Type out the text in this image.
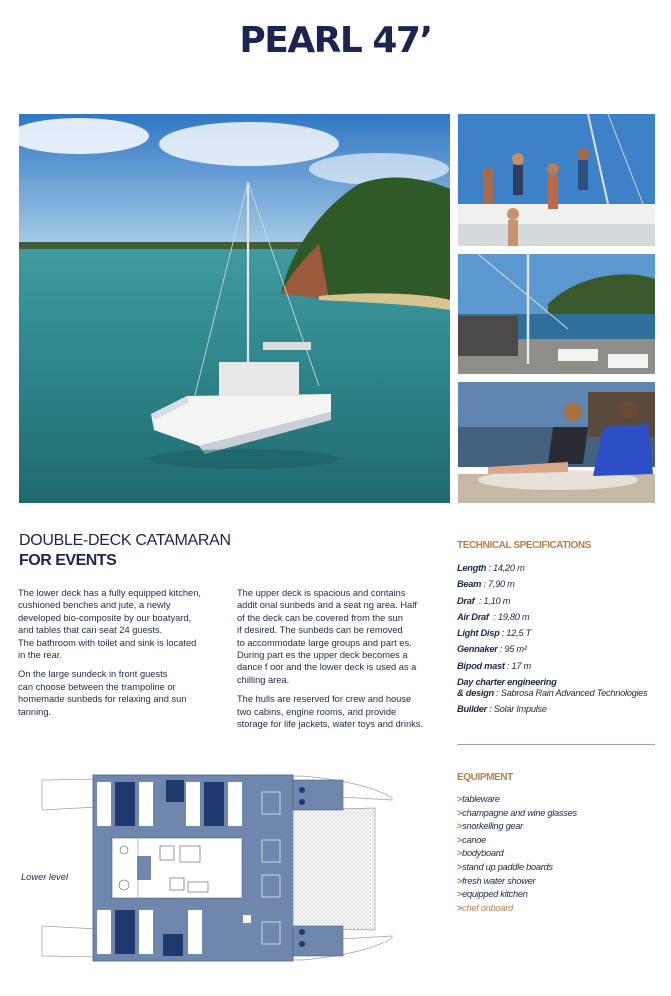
PEARL 47’
DOUBLE-DECK CATAMARAN
FOR EVENTS

The lower deck has a fully equipped kitchen,
cushioned benches and jute, a newly
developed bio-composite by our boatyard,
and tables that can seat 24 guests.
The bathroom with toilet and sink is located
in the rear.

On the large sundeck in front guests
can choose between the trampoline or
homemade sunbeds for relaxing and sun
tanning.

The upper deck is spacious and contains
addit onal sunbeds and a seat ng area. Half
of the deck can be covered from the sun
if desired. The sunbeds can be removed
to accommodate large groups and part es.
During part es the upper deck becomes a
dance f oor and the lower deck is used as a
chilling area.

The hulls are reserved for crew and house
two cabins, engine rooms, and provide
storage for life jackets, water toys and drinks.

TECHNICAL SPECIFICATIONS
Length : 14,20 m
Beam : 7,90 m
Draf  : 1,10 m
Air Draf  : 19,80 m
Light Disp : 12,5 T
Gennaker : 95 m²
Bipod mast : 17 m
Day charter engineering
& design : Sabrosa Rain Advanced Technologies
Builder : Solar Impulse
EQUIPMENT
>tableware
>champagne and wine glasses
>snorkelling gear
>canoe
>bodyboard
>stand up paddle boards
>fresh water shower
>equipped kitchen
>chef onboard
Lower level
